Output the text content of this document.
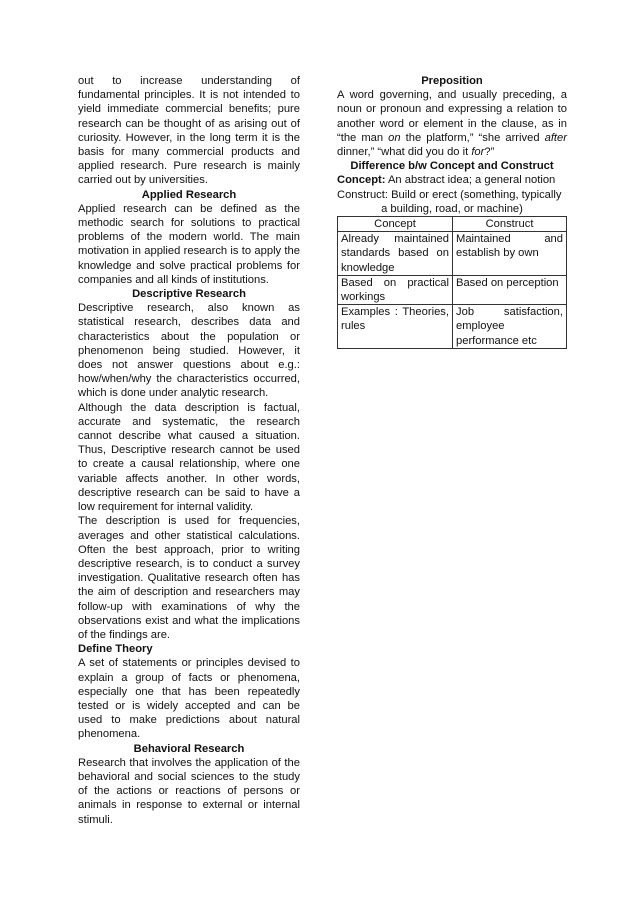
out to increase understanding of fundamental principles. It is not intended to yield immediate commercial benefits; pure research can be thought of as arising out of curiosity. However, in the long term it is the basis for many commercial products and applied research. Pure research is mainly carried out by universities.

Applied Research

Applied research can be defined as the methodic search for solutions to practical problems of the modern world. The main motivation in applied research is to apply the knowledge and solve practical problems for companies and all kinds of institutions.

Descriptive Research

Descriptive research, also known as statistical research, describes data and characteristics about the population or phenomenon being studied. However, it does not answer questions about e.g.: how/when/why the characteristics occurred, which is done under analytic research.

Although the data description is factual, accurate and systematic, the research cannot describe what caused a situation. Thus, Descriptive research cannot be used to create a causal relationship, where one variable affects another. In other words, descriptive research can be said to have a low requirement for internal validity.

The description is used for frequencies, averages and other statistical calculations. Often the best approach, prior to writing descriptive research, is to conduct a survey investigation. Qualitative research often has the aim of description and researchers may follow-up with examinations of why the observations exist and what the implications of the findings are.

Define Theory

A set of statements or principles devised to explain a group of facts or phenomena, especially one that has been repeatedly tested or is widely accepted and can be used to make predictions about natural phenomena.

Behavioral Research

Research that involves the application of the behavioral and social sciences to the study of the actions or reactions of persons or animals in response to external or internal stimuli.

Preposition

A word governing, and usually preceding, a noun or pronoun and expressing a relation to another word or element in the clause, as in “the man on the platform,” “she arrived after dinner,” “what did you do it for?”

Difference b/w Concept and Construct

Concept: An abstract idea; a general notion

Construct: Build or erect (something, typically

a building, road, or machine)

Concept	Construct
Already maintained standards based on knowledge	Maintained and establish by own
Based on practical workings	Based on perception
Examples : Theories, rules	Job satisfaction, employee performance etc
